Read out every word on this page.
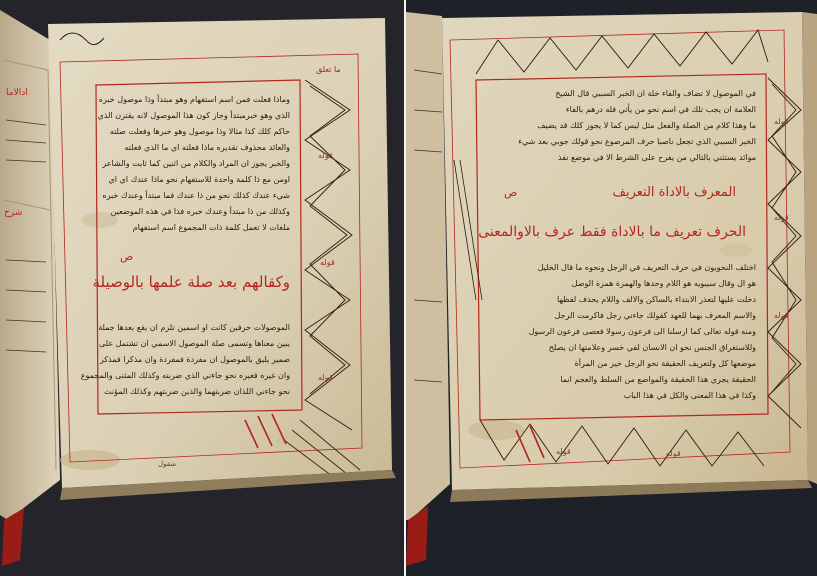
ادالاما
شرح
وماذا فعلت فمن اسم استفهام وهو مبتدأ وذا موصول خبره
الذي وهو خبرمبتدأ وجاز كون هذا الموصول لانه يقترن الذي
حاكم كلك كذا مثالا وذا موصول وهو خبرها وفعلت صلته
والعائد محذوف تقديره ماذا فعلته اي ما الذي فعلته
والخبر يجوز ان المراد والكلام من اثنين كما ثابت والشاعر
اومن مع ذا كلمة واحدة للاستفهام نحو ماذا عندك اي اي
شيء عندك كذلك نحو من ذا عندك فما مبتدأ وعندك خبره
وكذلك من ذا مبتدأ وعندك خبره فذا في هذه الموضعين
ملغات لا تعمل كلمة ذات المجموع اسم استفهام
ص
وكقالهم بعد صلة علمها بالوصيلة
الموصولات حرفين كانت او اسمين تلزم ان يقع بعدها جملة
يبين معناها وتسمى صلة الموصول الاسمي ان تشتمل على
ضمير يليق بالموصول ان مفردة فمفردة وان مذكرا فمذكر
وان غيره فغيره نحو جاءني الذي ضربته وكذلك المثنى والمجموع
نحو جاءني اللذان ضربتهما والذين ضربتهم وكذلك المؤنث
ما تعلق
قوله
قوله
قوله
منقول
في الموصول لا تضاف والفاء خلة ان الخبر السببي قال الشيخ
العلامة ان يجب تلك في اسم نحو من يأتي فله درهم بالفاء
ما وهذا كلام من الصلة والفعل مثل ليس كما لا يجوز كلك قد يضيف
الخبر السببي الذي تجعل ناصبا حرف المرصوع نحو قولك جوبي بعد شيء
موائد يستثني بالتالي من يفرح على الشرط الا في موضع نفذ
ص	المعرف بالاداة التعريف
الحرف تعريف ما بالاداة فقط عرف بالاوالمعنى
اختلف النحويون في حرف التعريف في الرجل ونحوه ما قال الخليل
هو ال وقال سيبويه هو اللام وحدها والهمزة همزة الوصل
دخلت عليها لتعذر الابتداء بالساكن والالف واللام يحذف لفظها
والاسم المعرف بهما للعهد كقولك جاءني رجل فاكرمت الرجل
ومنه قوله تعالى كما ارسلنا الى فرعون رسولا فعصى فرعون الرسول
وللاستغراق الجنس نحو ان الانسان لفي خسر وعلامتها ان يصلح
موضعها كل ولتعريف الحقيقة نحو الرجل خير من المرأة
الحقيقة يجري هذا الحقيقة والمواضع من السلط والعجم انما
وكذا في هذا المعنى والكل في هذا الباب
قوله
قوله
قوله
قوله	قوله
